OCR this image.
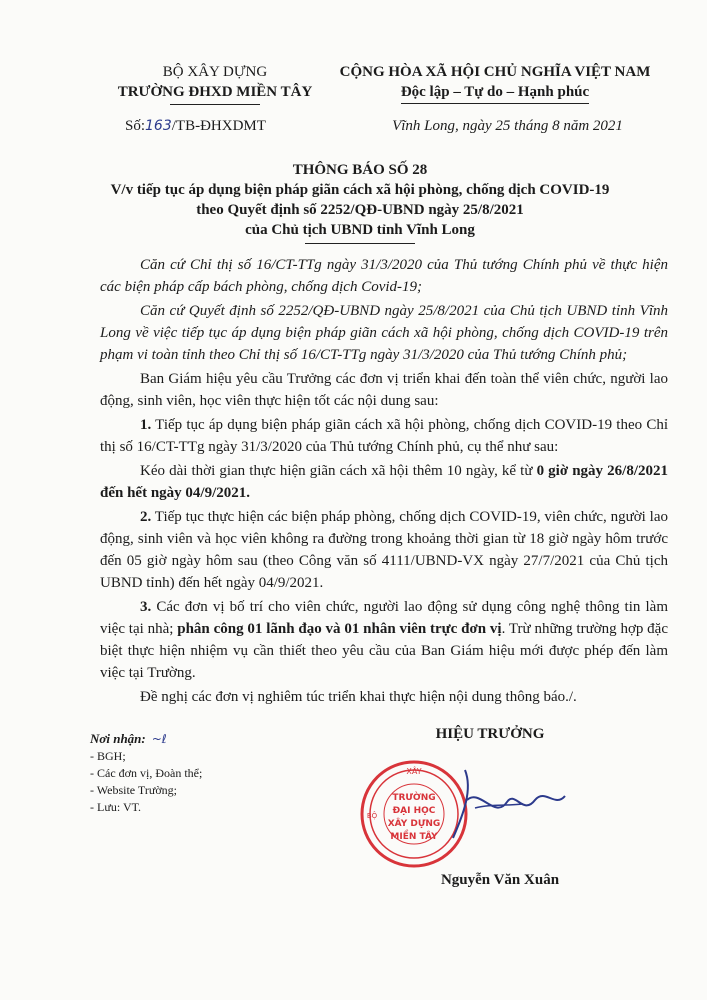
BỘ XÂY DỰNG
TRƯỜNG ĐHXD MIỀN TÂY
CỘNG HÒA XÃ HỘI CHỦ NGHĨA VIỆT NAM
Độc lập – Tự do – Hạnh phúc
Số:163/TB-ĐHXDMT	Vĩnh Long, ngày 25 tháng 8 năm 2021
THÔNG BÁO SỐ 28
V/v tiếp tục áp dụng biện pháp giãn cách xã hội phòng, chống dịch COVID-19
theo Quyết định số 2252/QĐ-UBND ngày 25/8/2021
của Chủ tịch UBND tỉnh Vĩnh Long

Căn cứ Chỉ thị số 16/CT-TTg ngày 31/3/2020 của Thủ tướng Chính phủ về thực hiện các biện pháp cấp bách phòng, chống dịch Covid-19;

Căn cứ Quyết định số 2252/QĐ-UBND ngày 25/8/2021 của Chủ tịch UBND tỉnh Vĩnh Long về việc tiếp tục áp dụng biện pháp giãn cách xã hội phòng, chống dịch COVID-19 trên phạm vi toàn tỉnh theo Chỉ thị số 16/CT-TTg ngày 31/3/2020 của Thủ tướng Chính phủ;

Ban Giám hiệu yêu cầu Trưởng các đơn vị triển khai đến toàn thể viên chức, người lao động, sinh viên, học viên thực hiện tốt các nội dung sau:

1. Tiếp tục áp dụng biện pháp giãn cách xã hội phòng, chống dịch COVID-19 theo Chỉ thị số 16/CT-TTg ngày 31/3/2020 của Thủ tướng Chính phủ, cụ thể như sau:

Kéo dài thời gian thực hiện giãn cách xã hội thêm 10 ngày, kể từ 0 giờ ngày 26/8/2021 đến hết ngày 04/9/2021.

2. Tiếp tục thực hiện các biện pháp phòng, chống dịch COVID-19, viên chức, người lao động, sinh viên và học viên không ra đường trong khoảng thời gian từ 18 giờ ngày hôm trước đến 05 giờ ngày hôm sau (theo Công văn số 4111/UBND-VX ngày 27/7/2021 của Chủ tịch UBND tỉnh) đến hết ngày 04/9/2021.

3. Các đơn vị bố trí cho viên chức, người lao động sử dụng công nghệ thông tin làm việc tại nhà; phân công 01 lãnh đạo và 01 nhân viên trực đơn vị. Trừ những trường hợp đặc biệt thực hiện nhiệm vụ cần thiết theo yêu cầu của Ban Giám hiệu mới được phép đến làm việc tại Trường.

Đề nghị các đơn vị nghiêm túc triển khai thực hiện nội dung thông báo./.

Nơi nhận: ~ℓ
- BGH;
- Các đơn vị, Đoàn thể;
- Website Trường;
- Lưu: VT.
HIỆU TRƯỞNG
XÂY
TRƯỜNG
ĐẠI HỌC
XÂY DỰNG
MIỀN TÂY
BỘ
Nguyễn Văn Xuân
